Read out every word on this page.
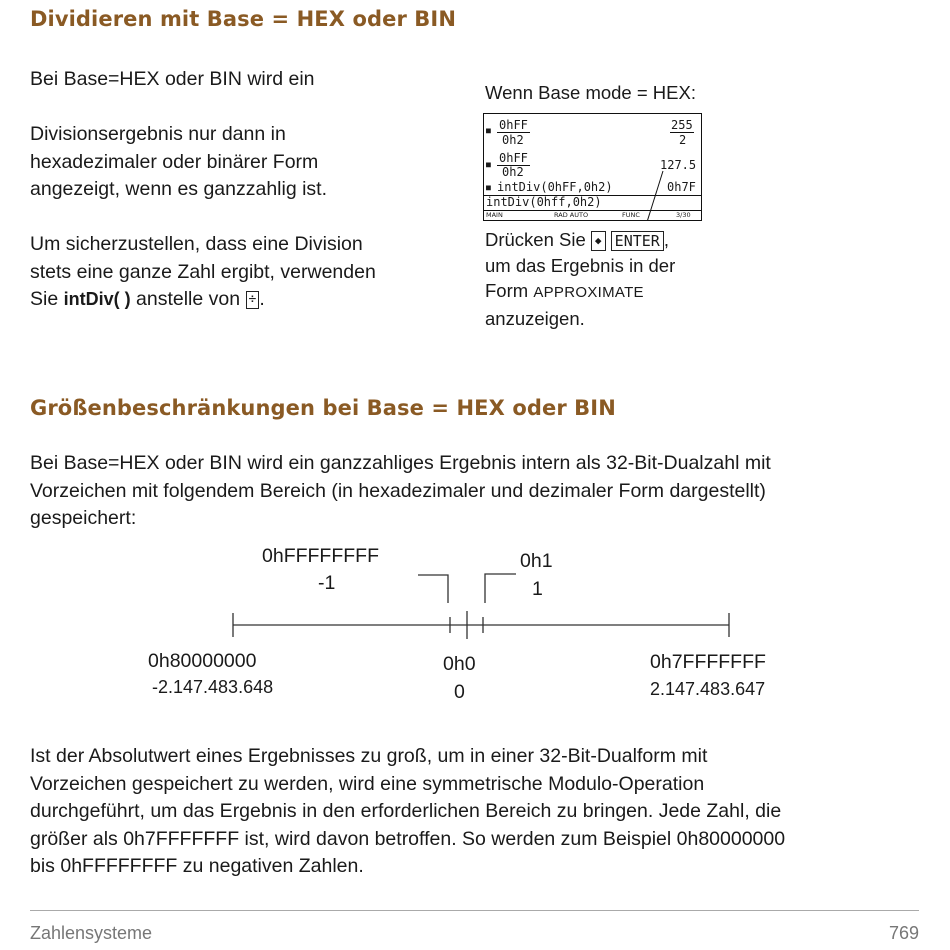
Dividieren mit Base = HEX oder BIN
Bei Base=HEX oder BIN wird ein
Divisionsergebnis nur dann in
hexadezimaler oder binärer Form
angezeigt, wenn es ganzzahlig ist.
Um sicherzustellen, dass eine Division
stets eine ganze Zahl ergibt, verwenden
Sie intDiv( ) anstelle von ÷ .
Wenn Base mode = HEX:
■ 0hFF
0h2
255
2
■ 0hFF
0h2	127.5
■ intDiv(0hFF,0h2)	0h7F
intDiv(0hff,0h2)
MAIN	RAD AUTO	FUNC	3/30
Drücken Sie ◆ ENTER ,
um das Ergebnis in der
Form APPROXIMATE
anzuzeigen.
Größenbeschränkungen bei Base = HEX oder BIN
Bei Base=HEX oder BIN wird ein ganzzahliges Ergebnis intern als 32-Bit-Dualzahl mit
Vorzeichen mit folgendem Bereich (in hexadezimaler und dezimaler Form dargestellt)
gespeichert:
0hFFFFFFFF
-1
0h1
1
0h80000000
-2.147.483.648
0h0
0
0h7FFFFFFF
2.147.483.647
Ist der Absolutwert eines Ergebnisses zu groß, um in einer 32-Bit-Dualform mit
Vorzeichen gespeichert zu werden, wird eine symmetrische Modulo-Operation
durchgeführt, um das Ergebnis in den erforderlichen Bereich zu bringen. Jede Zahl, die
größer als 0h7FFFFFFF ist, wird davon betroffen. So werden zum Beispiel 0h80000000
bis 0hFFFFFFFF zu negativen Zahlen.
Zahlensysteme	769
